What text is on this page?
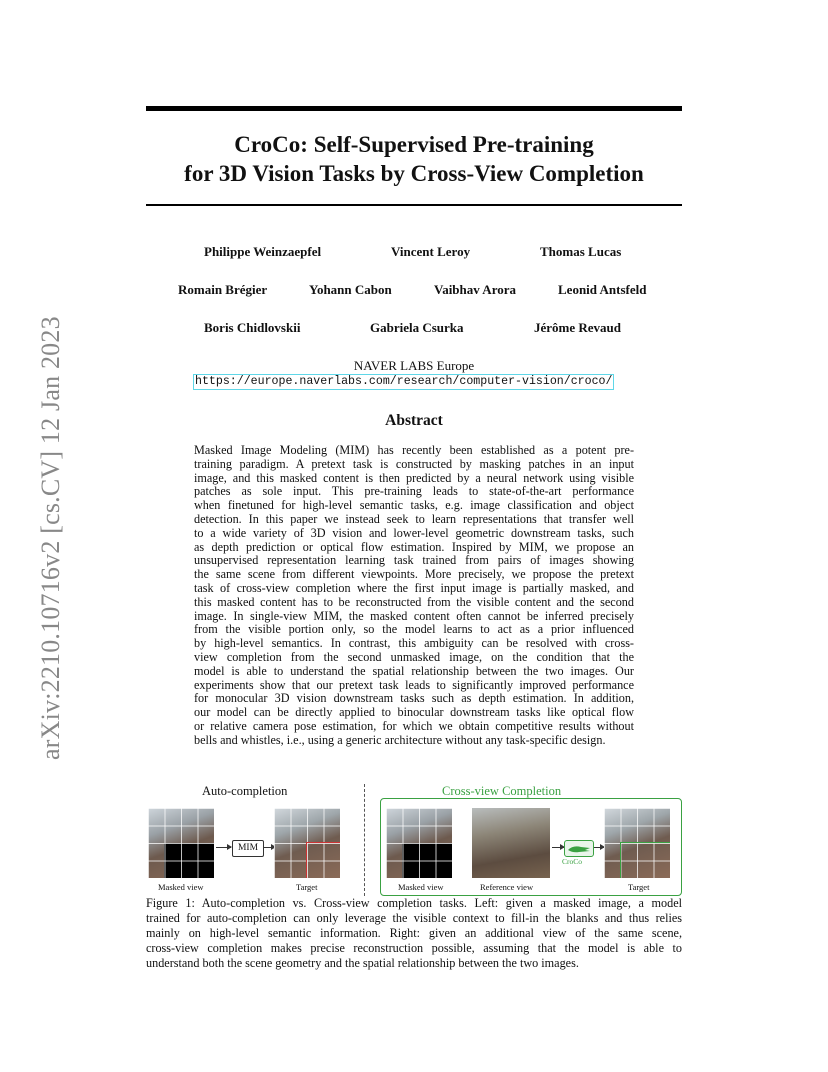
arXiv:2210.10716v2 [cs.CV] 12 Jan 2023
CroCo: Self-Supervised Pre-training
for 3D Vision Tasks by Cross-View Completion
Philippe Weinzaepfel	Vincent Leroy	Thomas Lucas
Romain Brégier	Yohann Cabon	Vaibhav Arora	Leonid Antsfeld
Boris Chidlovskii	Gabriela Csurka	Jérôme Revaud
NAVER LABS Europe
https://europe.naverlabs.com/research/computer-vision/croco/
Abstract
Masked Image Modeling (MIM) has recently been established as a potent pre-
training paradigm. A pretext task is constructed by masking patches in an input
image, and this masked content is then predicted by a neural network using visible
patches as sole input. This pre-training leads to state-of-the-art performance
when finetuned for high-level semantic tasks, e.g. image classification and object
detection. In this paper we instead seek to learn representations that transfer well
to a wide variety of 3D vision and lower-level geometric downstream tasks, such
as depth prediction or optical flow estimation. Inspired by MIM, we propose an
unsupervised representation learning task trained from pairs of images showing
the same scene from different viewpoints. More precisely, we propose the pretext
task of cross-view completion where the first input image is partially masked, and
this masked content has to be reconstructed from the visible content and the second
image. In single-view MIM, the masked content often cannot be inferred precisely
from the visible portion only, so the model learns to act as a prior influenced
by high-level semantics. In contrast, this ambiguity can be resolved with cross-
view completion from the second unmasked image, on the condition that the
model is able to understand the spatial relationship between the two images. Our
experiments show that our pretext task leads to significantly improved performance
for monocular 3D vision downstream tasks such as depth estimation. In addition,
our model can be directly applied to binocular downstream tasks like optical flow
or relative camera pose estimation, for which we obtain competitive results without
bells and whistles, i.e., using a generic architecture without any task-specific design.
Auto-completion	Cross-view Completion
MIM
CroCo
Masked view	Target	Masked view	Reference view	Target
Figure 1: Auto-completion vs. Cross-view completion tasks. Left: given a masked image, a model
trained for auto-completion can only leverage the visible context to fill-in the blanks and thus relies
mainly on high-level semantic information. Right: given an additional view of the same scene,
cross-view completion makes precise reconstruction possible, assuming that the model is able to
understand both the scene geometry and the spatial relationship between the two images.
